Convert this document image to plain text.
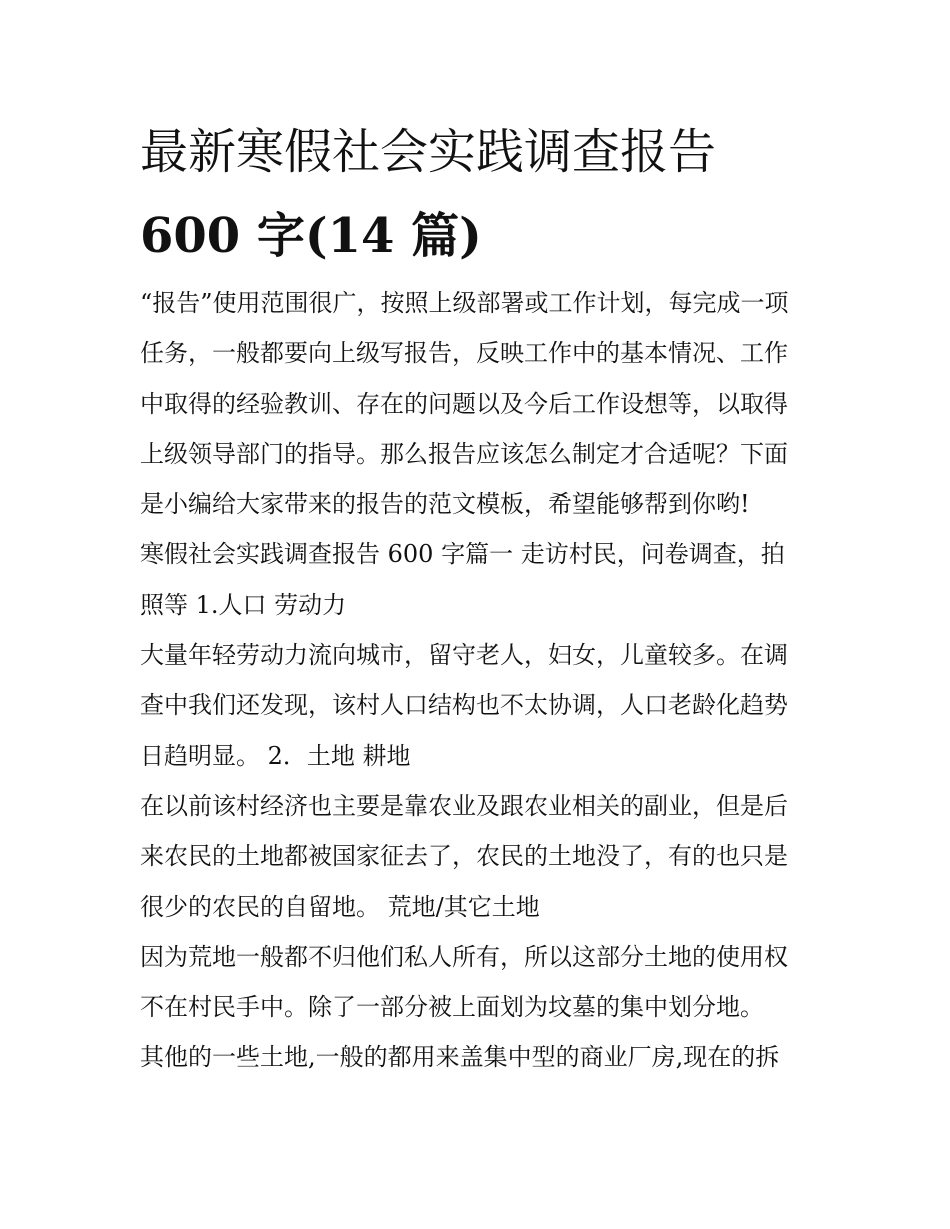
最新寒假社会实践调查报告
600 字(14 篇)
“报告”使用范围很广，按照上级部署或工作计划，每完成一项
任务，一般都要向上级写报告，反映工作中的基本情况、工作
中取得的经验教训、存在的问题以及今后工作设想等，以取得
上级领导部门的指导。那么报告应该怎么制定才合适呢？下面
是小编给大家带来的报告的范文模板，希望能够帮到你哟!
寒假社会实践调查报告 600 字篇一 走访村民，问卷调查，拍
照等 1.人口 劳动力
大量年轻劳动力流向城市，留守老人，妇女，儿童较多。在调
查中我们还发现，该村人口结构也不太协调，人口老龄化趋势
日趋明显。 2．土地 耕地
在以前该村经济也主要是靠农业及跟农业相关的副业，但是后
来农民的土地都被国家征去了，农民的土地没了，有的也只是
很少的农民的自留地。 荒地/其它土地
因为荒地一般都不归他们私人所有，所以这部分土地的使用权
不在村民手中。除了一部分被上面划为坟墓的集中划分地。
其他的一些土地,一般的都用来盖集中型的商业厂房,现在的拆
